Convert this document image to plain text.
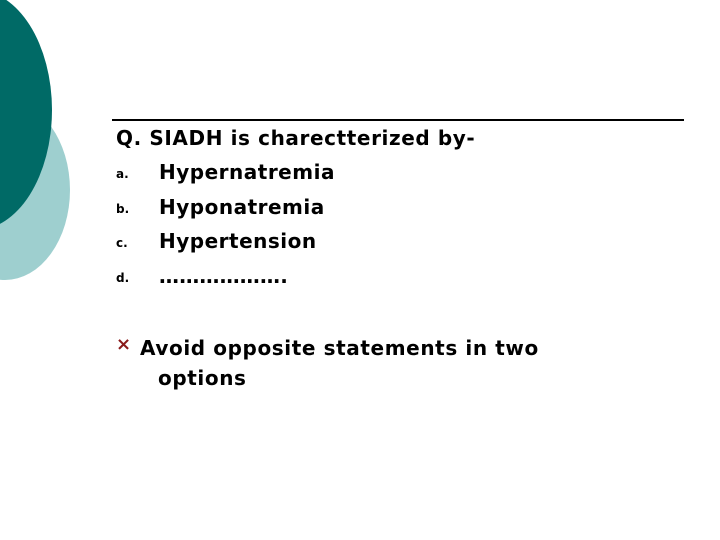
Q. SIADH is charectterized by-
a. Hypernatremia
b. Hyponatremia
c. Hypertension
d. ……………….
× Avoid opposite statements in two options
